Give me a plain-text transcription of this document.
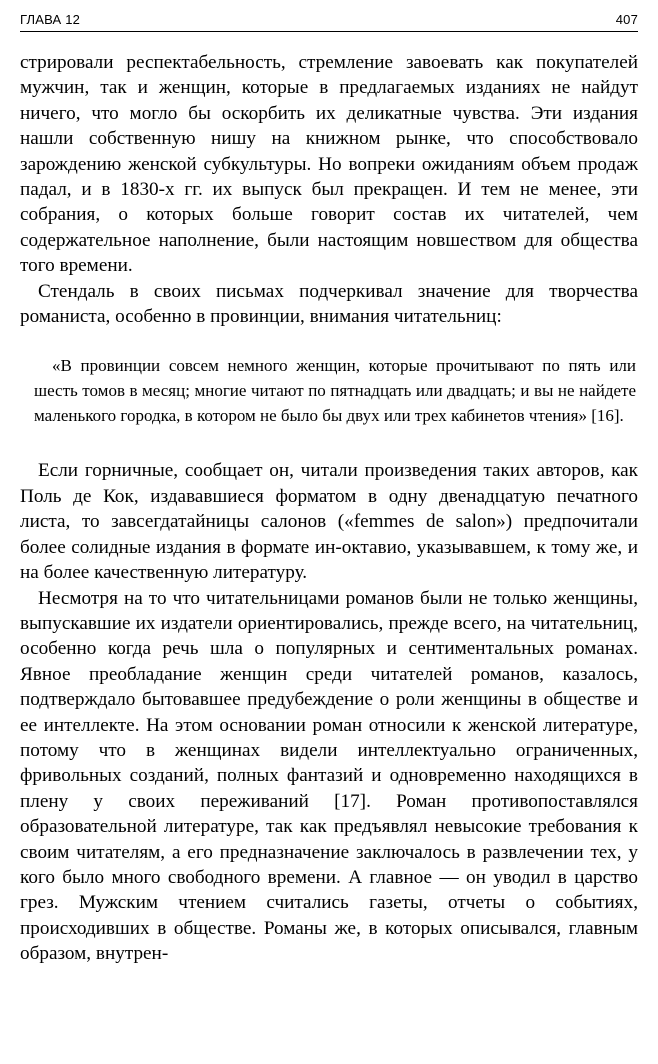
ГЛАВА 12	407

стрировали респектабельность, стремление завоевать как покупателей мужчин, так и женщин, которые в предлагаемых изданиях не найдут ничего, что могло бы оскорбить их деликатные чувства. Эти издания нашли собственную нишу на книжном рынке, что способствовало зарождению женской субкультуры. Но вопреки ожиданиям объем продаж падал, и в 1830-х гг. их выпуск был прекращен. И тем не менее, эти собрания, о которых больше говорит состав их читателей, чем содержательное наполнение, были настоящим новшеством для общества того времени.

Стендаль в своих письмах подчеркивал значение для творчества романиста, особенно в провинции, внимания читательниц:

«В провинции совсем немного женщин, которые прочитывают по пять или шесть томов в месяц; многие читают по пятнадцать или двадцать; и вы не найдете маленького городка, в котором не было бы двух или трех кабинетов чтения» [16].

Если горничные, сообщает он, читали произведения таких авторов, как Поль де Кок, издававшиеся форматом в одну двенадцатую печатного листа, то завсегдатайницы салонов («femmes de salon») предпочитали более солидные издания в формате ин-октавио, указывавшем, к тому же, и на более качественную литературу.

Несмотря на то что читательницами романов были не только женщины, выпускавшие их издатели ориентировались, прежде всего, на читательниц, особенно когда речь шла о популярных и сентиментальных романах. Явное преобладание женщин среди читателей романов, казалось, подтверждало бытовавшее предубеждение о роли женщины в обществе и ее интеллекте. На этом основании роман относили к женской литературе, потому что в женщинах видели интеллектуально ограниченных, фривольных созданий, полных фантазий и одновременно находящихся в плену у своих переживаний [17]. Роман противопоставлялся образовательной литературе, так как предъявлял невысокие требования к своим читателям, а его предназначение заключалось в развлечении тех, у кого было много свободного времени. А главное — он уводил в царство грез. Мужским чтением считались газеты, отчеты о событиях, происходивших в обществе. Романы же, в которых описывался, главным образом, внутрен-
